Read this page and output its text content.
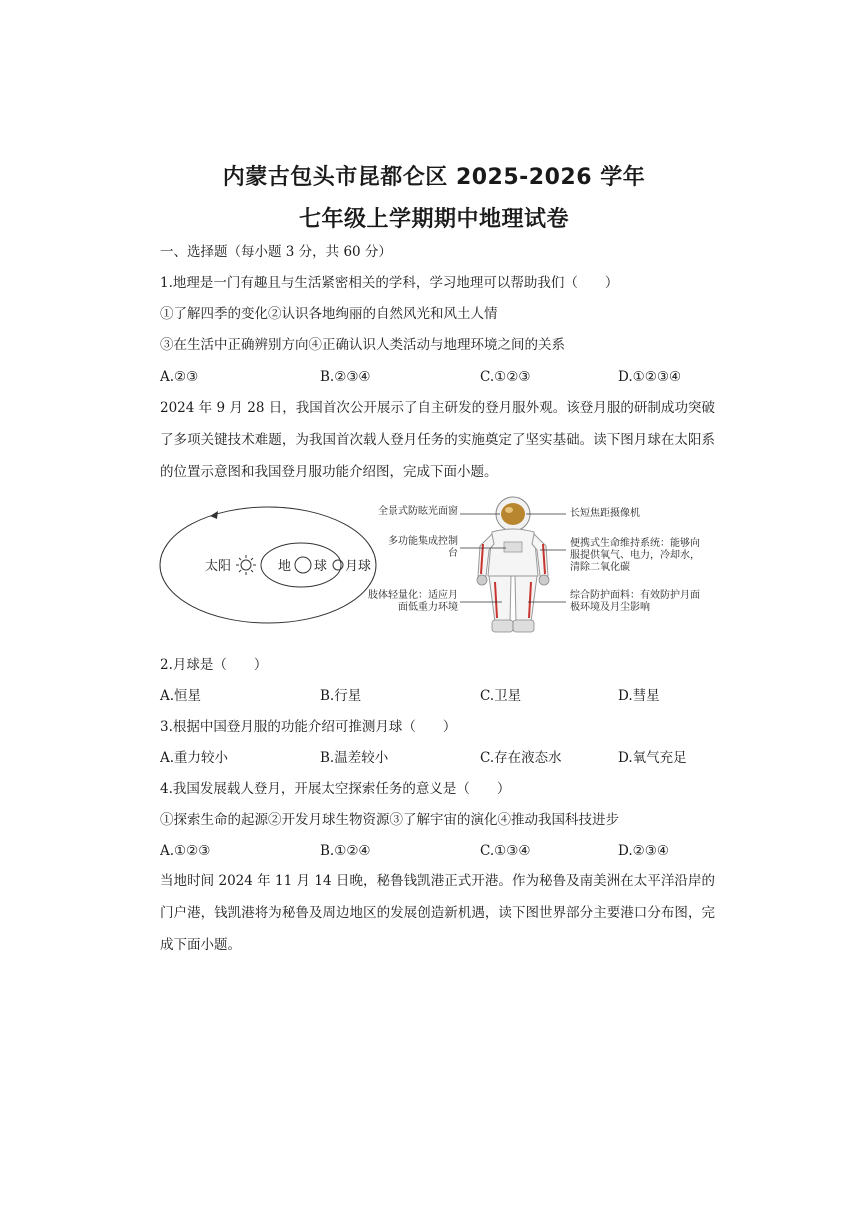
内蒙古包头市昆都仑区 2025-2026 学年
七年级上学期期中地理试卷
一、选择题（每小题 3 分，共 60 分）
1.地理是一门有趣且与生活紧密相关的学科，学习地理可以帮助我们（　　）
①了解四季的变化②认识各地绚丽的自然风光和风土人情
③在生活中正确辨别方向④正确认识人类活动与地理环境之间的关系
A.②③	B.②③④	C.①②③	D.①②③④
2024 年 9 月 28 日，我国首次公开展示了自主研发的登月服外观。该登月服的研制成功突破了多项关键技术难题，为我国首次载人登月任务的实施奠定了坚实基础。读下图月球在太阳系的位置示意图和我国登月服功能介绍图，完成下面小题。
太阳	地 球 月球
全景式防眩光面窗	长短焦距摄像机
多功能集成控制台
便携式生命维持系统：能够向服提供氧气、电力，冷却水，清除二氧化碳
肢体轻量化：适应月面低重力环境
综合防护面料：有效防护月面极环境及月尘影响
2.月球是（　　）
A.恒星	B.行星	C.卫星	D.彗星
3.根据中国登月服的功能介绍可推测月球（　　）
A.重力较小	B.温差较小	C.存在液态水	D.氧气充足
4.我国发展载人登月，开展太空探索任务的意义是（　　）
①探索生命的起源②开发月球生物资源③了解宇宙的演化④推动我国科技进步
A.①②③	B.①②④	C.①③④	D.②③④
当地时间 2024 年 11 月 14 日晚，秘鲁钱凯港正式开港。作为秘鲁及南美洲在太平洋沿岸的门户港，钱凯港将为秘鲁及周边地区的发展创造新机遇，读下图世界部分主要港口分布图，完成下面小题。
